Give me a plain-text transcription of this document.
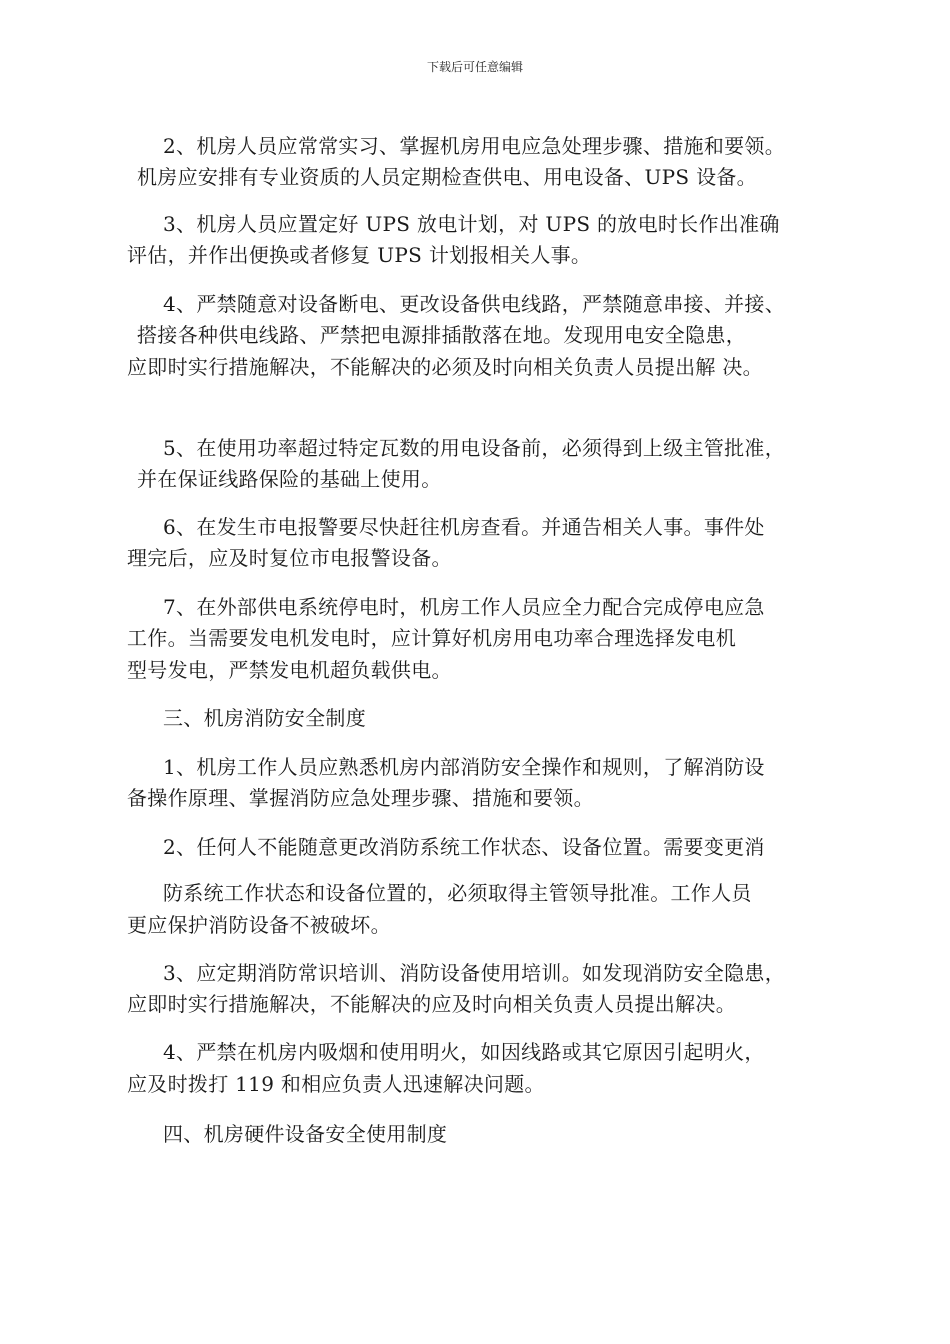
下载后可任意编辑
2、机房人员应常常实习、掌握机房用电应急处理步骤、措施和要领。
机房应安排有专业资质的人员定期检查供电、用电设备、UPS 设备。
3、机房人员应置定好 UPS 放电计划，对 UPS 的放电时长作出准确
评估，并作出便换或者修复 UPS 计划报相关人事。
4、严禁随意对设备断电、更改设备供电线路，严禁随意串接、并接、
搭接各种供电线路、严禁把电源排插散落在地。发现用电安全隐患，
应即时实行措施解决，不能解决的必须及时向相关负责人员提出解 决。
5、在使用功率超过特定瓦数的用电设备前，必须得到上级主管批准，
并在保证线路保险的基础上使用。
6、在发生市电报警要尽快赶往机房查看。并通告相关人事。事件处
理完后，应及时复位市电报警设备。
7、在外部供电系统停电时，机房工作人员应全力配合完成停电应急
工作。当需要发电机发电时，应计算好机房用电功率合理选择发电机
型号发电，严禁发电机超负载供电。
三、机房消防安全制度
1、机房工作人员应熟悉机房内部消防安全操作和规则，了解消防设
备操作原理、掌握消防应急处理步骤、措施和要领。
2、任何人不能随意更改消防系统工作状态、设备位置。需要变更消
防系统工作状态和设备位置的，必须取得主管领导批准。工作人员
更应保护消防设备不被破坏。
3、应定期消防常识培训、消防设备使用培训。如发现消防安全隐患，
应即时实行措施解决，不能解决的应及时向相关负责人员提出解决。
4、严禁在机房内吸烟和使用明火，如因线路或其它原因引起明火，
应及时拨打 119 和相应负责人迅速解决问题。
四、机房硬件设备安全使用制度
